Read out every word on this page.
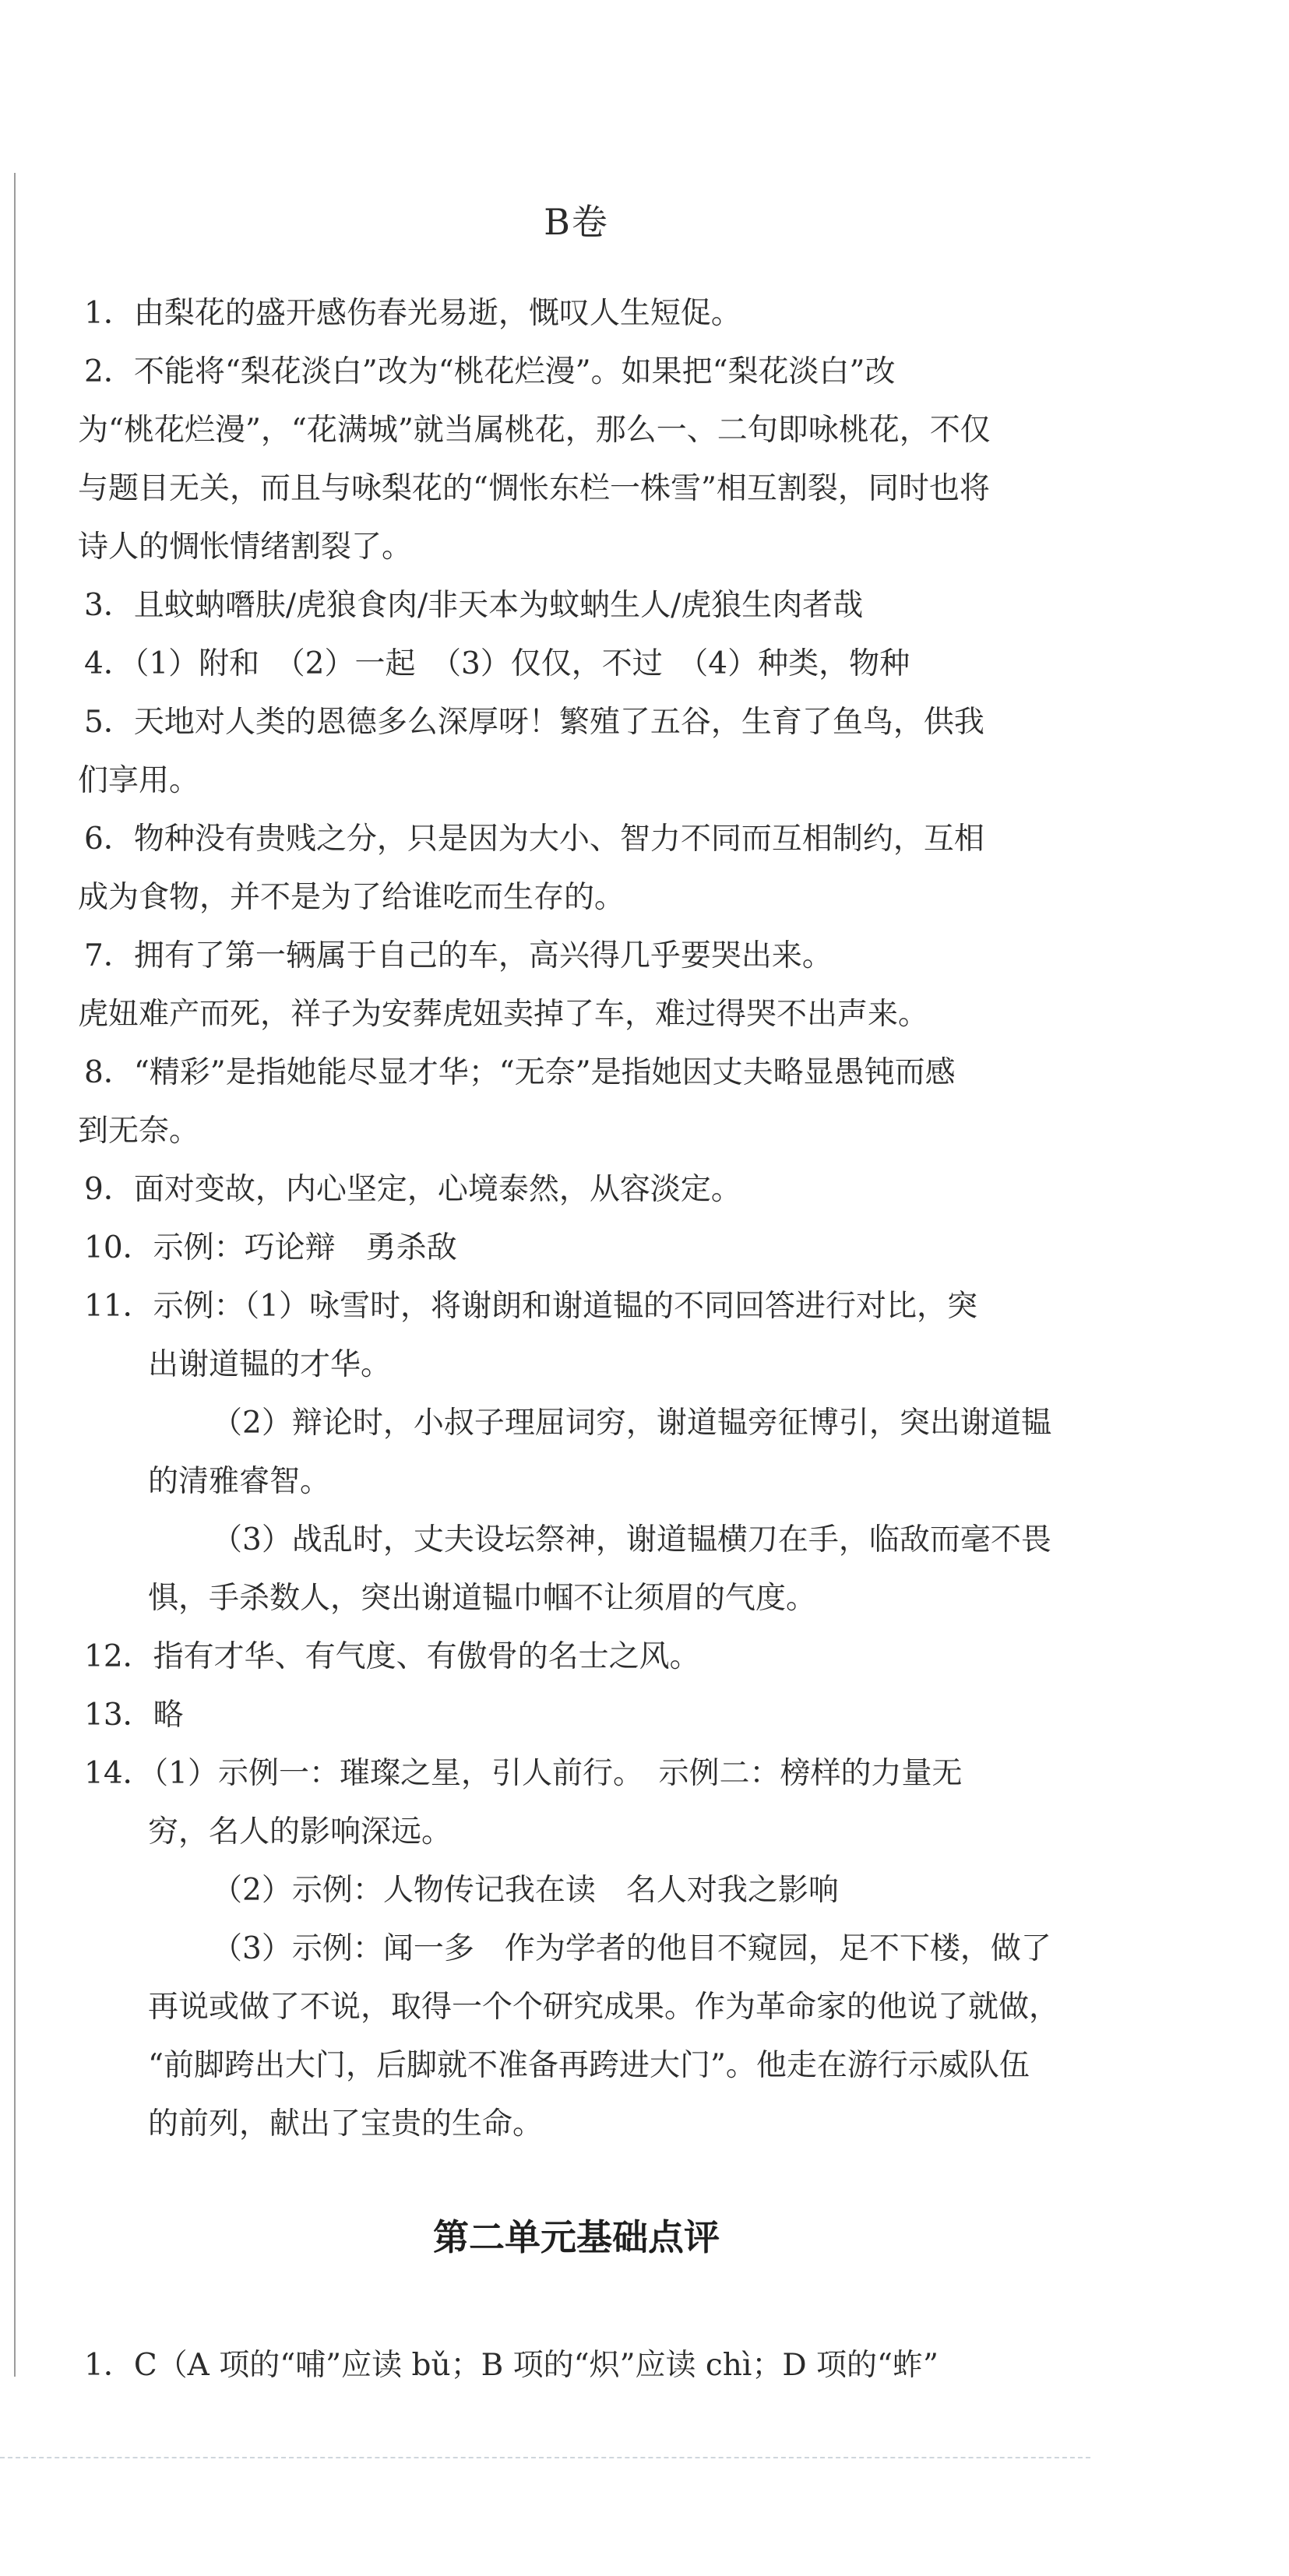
B卷
1．由梨花的盛开感伤春光易逝，慨叹人生短促。
2．不能将“梨花淡白”改为“桃花烂漫”。如果把“梨花淡白”改
为“桃花烂漫”，“花满城”就当属桃花，那么一、二句即咏桃花，不仅
与题目无关，而且与咏梨花的“惆怅东栏一株雪”相互割裂，同时也将
诗人的惆怅情绪割裂了。
3．且蚊蚋噆肤/虎狼食肉/非天本为蚊蚋生人/虎狼生肉者哉
4．（1）附和　（2）一起　（3）仅仅，不过　（4）种类，物种
5．天地对人类的恩德多么深厚呀！繁殖了五谷，生育了鱼鸟，供我
们享用。
6．物种没有贵贱之分，只是因为大小、智力不同而互相制约，互相
成为食物，并不是为了给谁吃而生存的。
7．拥有了第一辆属于自己的车，高兴得几乎要哭出来。
虎妞难产而死，祥子为安葬虎妞卖掉了车，难过得哭不出声来。
8．“精彩”是指她能尽显才华；“无奈”是指她因丈夫略显愚钝而感
到无奈。
9．面对变故，内心坚定，心境泰然，从容淡定。
10．示例：巧论辩　勇杀敌
11．示例：（1）咏雪时，将谢朗和谢道韫的不同回答进行对比，突
出谢道韫的才华。
（2）辩论时，小叔子理屈词穷，谢道韫旁征博引，突出谢道韫
的清雅睿智。
（3）战乱时，丈夫设坛祭神，谢道韫横刀在手，临敌而毫不畏
惧，手杀数人，突出谢道韫巾帼不让须眉的气度。
12．指有才华、有气度、有傲骨的名士之风。
13．略
14．（1）示例一：璀璨之星，引人前行。　示例二：榜样的力量无
穷，名人的影响深远。
（2）示例：人物传记我在读　名人对我之影响
（3）示例：闻一多　作为学者的他目不窥园，足不下楼，做了
再说或做了不说，取得一个个研究成果。作为革命家的他说了就做，
“前脚跨出大门，后脚就不准备再跨进大门”。他走在游行示威队伍
的前列，献出了宝贵的生命。
第二单元基础点评
1．C（A 项的“哺”应读 bǔ；B 项的“炽”应读 chì；D 项的“蚱”
